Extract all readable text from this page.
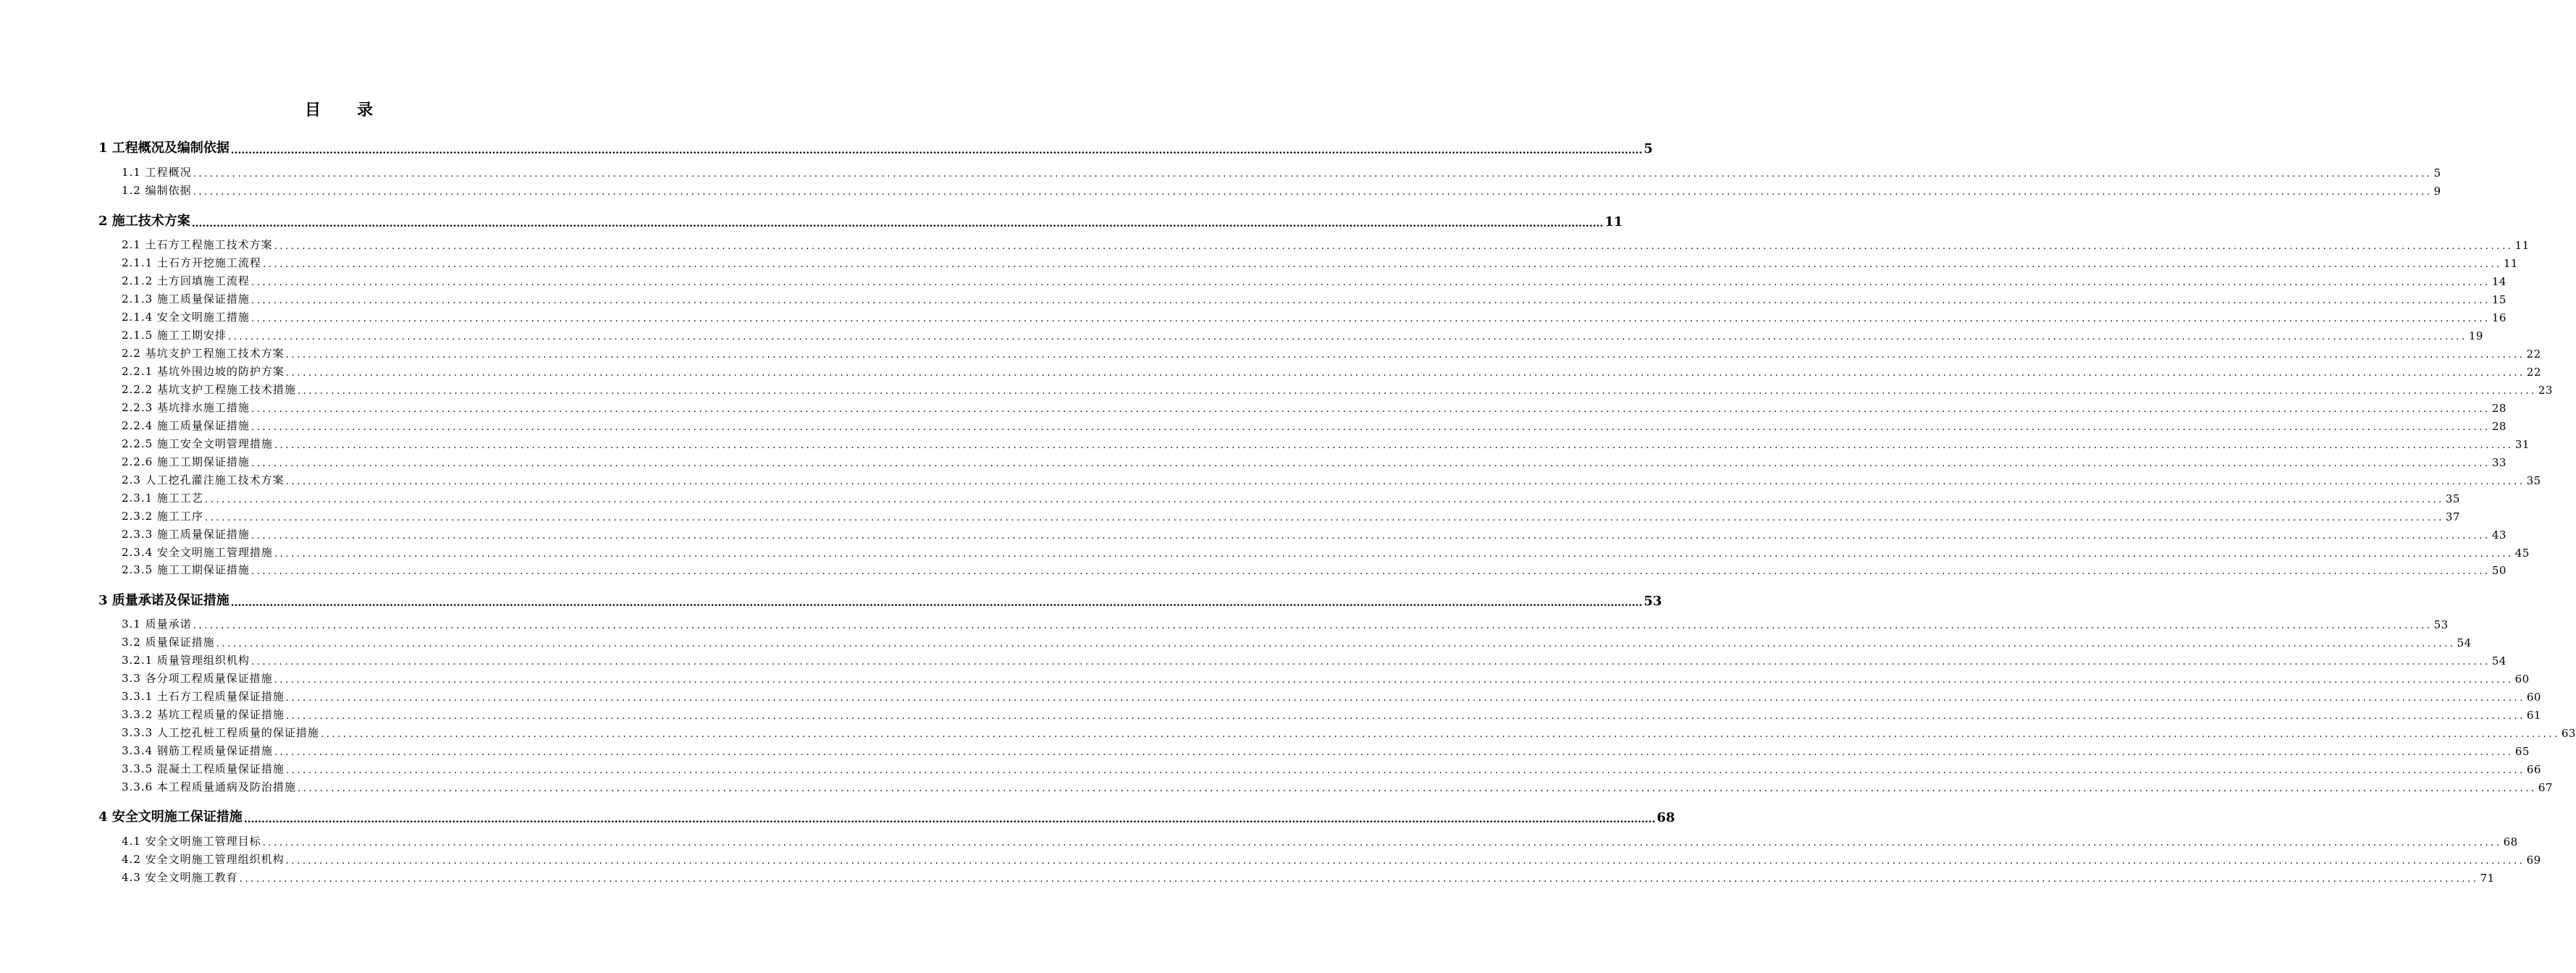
目　录
1 工程概况及编制依据 ................................................................................................................................................................................................................................................................................................................................................................................................................ 5
1.1 工程概况 ................................................................................................................................................................................................................................................................................................................................................................................................................ 5
1.2 编制依据 ................................................................................................................................................................................................................................................................................................................................................................................................................ 9
2 施工技术方案 ................................................................................................................................................................................................................................................................................................................................................................................................................ 11
2.1 土石方工程施工技术方案 ................................................................................................................................................................................................................................................................................................................................................................................................................ 11
2.1.1 土石方开挖施工流程 ................................................................................................................................................................................................................................................................................................................................................................................................................ 11
2.1.2 土方回填施工流程 ................................................................................................................................................................................................................................................................................................................................................................................................................ 14
2.1.3 施工质量保证措施 ................................................................................................................................................................................................................................................................................................................................................................................................................ 15
2.1.4 安全文明施工措施 ................................................................................................................................................................................................................................................................................................................................................................................................................ 16
2.1.5 施工工期安排 ................................................................................................................................................................................................................................................................................................................................................................................................................ 19
2.2 基坑支护工程施工技术方案 ................................................................................................................................................................................................................................................................................................................................................................................................................ 22
2.2.1 基坑外围边坡的防护方案 ................................................................................................................................................................................................................................................................................................................................................................................................................ 22
2.2.2 基坑支护工程施工技术措施 ................................................................................................................................................................................................................................................................................................................................................................................................................ 23
2.2.3 基坑排水施工措施 ................................................................................................................................................................................................................................................................................................................................................................................................................ 28
2.2.4 施工质量保证措施 ................................................................................................................................................................................................................................................................................................................................................................................................................ 28
2.2.5 施工安全文明管理措施 ................................................................................................................................................................................................................................................................................................................................................................................................................ 31
2.2.6 施工工期保证措施 ................................................................................................................................................................................................................................................................................................................................................................................................................ 33
2.3 人工挖孔灌注施工技术方案 ................................................................................................................................................................................................................................................................................................................................................................................................................ 35
2.3.1 施工工艺 ................................................................................................................................................................................................................................................................................................................................................................................................................ 35
2.3.2 施工工序 ................................................................................................................................................................................................................................................................................................................................................................................................................ 37
2.3.3 施工质量保证措施 ................................................................................................................................................................................................................................................................................................................................................................................................................ 43
2.3.4 安全文明施工管理措施 ................................................................................................................................................................................................................................................................................................................................................................................................................ 45
2.3.5 施工工期保证措施 ................................................................................................................................................................................................................................................................................................................................................................................................................ 50
3 质量承诺及保证措施 ................................................................................................................................................................................................................................................................................................................................................................................................................ 53
3.1 质量承诺 ................................................................................................................................................................................................................................................................................................................................................................................................................ 53
3.2 质量保证措施 ................................................................................................................................................................................................................................................................................................................................................................................................................ 54
3.2.1 质量管理组织机构 ................................................................................................................................................................................................................................................................................................................................................................................................................ 54
3.3 各分项工程质量保证措施 ................................................................................................................................................................................................................................................................................................................................................................................................................ 60
3.3.1 土石方工程质量保证措施 ................................................................................................................................................................................................................................................................................................................................................................................................................ 60
3.3.2 基坑工程质量的保证措施 ................................................................................................................................................................................................................................................................................................................................................................................................................ 61
3.3.3 人工挖孔桩工程质量的保证措施 ................................................................................................................................................................................................................................................................................................................................................................................................................ 63
3.3.4 钢筋工程质量保证措施 ................................................................................................................................................................................................................................................................................................................................................................................................................ 65
3.3.5 混凝土工程质量保证措施 ................................................................................................................................................................................................................................................................................................................................................................................................................ 66
3.3.6 本工程质量通病及防治措施 ................................................................................................................................................................................................................................................................................................................................................................................................................ 67
4 安全文明施工保证措施 ................................................................................................................................................................................................................................................................................................................................................................................................................ 68
4.1 安全文明施工管理目标 ................................................................................................................................................................................................................................................................................................................................................................................................................ 68
4.2 安全文明施工管理组织机构 ................................................................................................................................................................................................................................................................................................................................................................................................................ 69
4.3 安全文明施工教育 ................................................................................................................................................................................................................................................................................................................................................................................................................ 71
